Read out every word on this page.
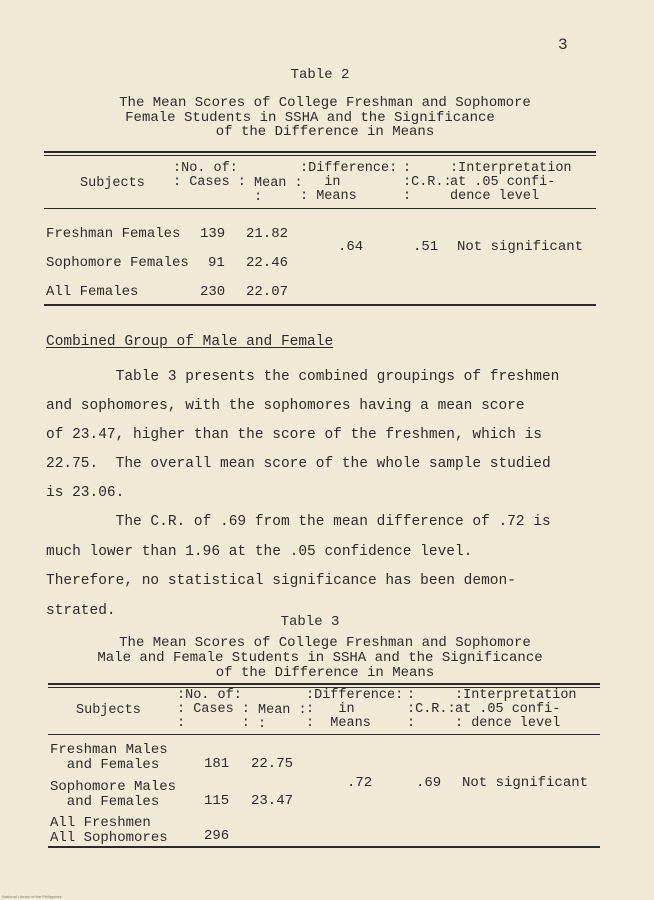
3
Table 2
The Mean Scores of College Freshman and Sophomore
Female Students in SSHA and the Significance
of the Difference in Means
Subjects
:No. of:
: Cases : Mean :
:
:Difference:
in
: Means
:
:C.R.:
:
:Interpretation
at .05 confi-
dence level
Freshman Females 139 21.82
Sophomore Females 91 22.46
All Females	230 22.07
.64	.51 Not significant
Combined Group of Male and Female
Table 3 presents the combined groupings of freshmen
and sophomores, with the sophomores having a mean score
of 23.47, higher than the score of the freshmen, which is
22.75.  The overall mean score of the whole sample studied
is 23.06.
The C.R. of .69 from the mean difference of .72 is
much lower than 1.96 at the .05 confidence level.
Therefore, no statistical significance has been demon-
strated.
Table 3
The Mean Scores of College Freshman and Sophomore
Male and Female Students in SSHA and the Significance
of the Difference in Means
Subjects
:No. of:
: Cases :
:       :
Mean :
:
:Difference:
:   in
:  Means
:
:C.R.:
:
:Interpretation
at .05 confi-
: dence level
Freshman Males
and Females	181 22.75
Sophomore Males
and Females	115 23.47
All Freshmen
All Sophomores	296
.72	.69 Not significant
National Library of the Philippines
